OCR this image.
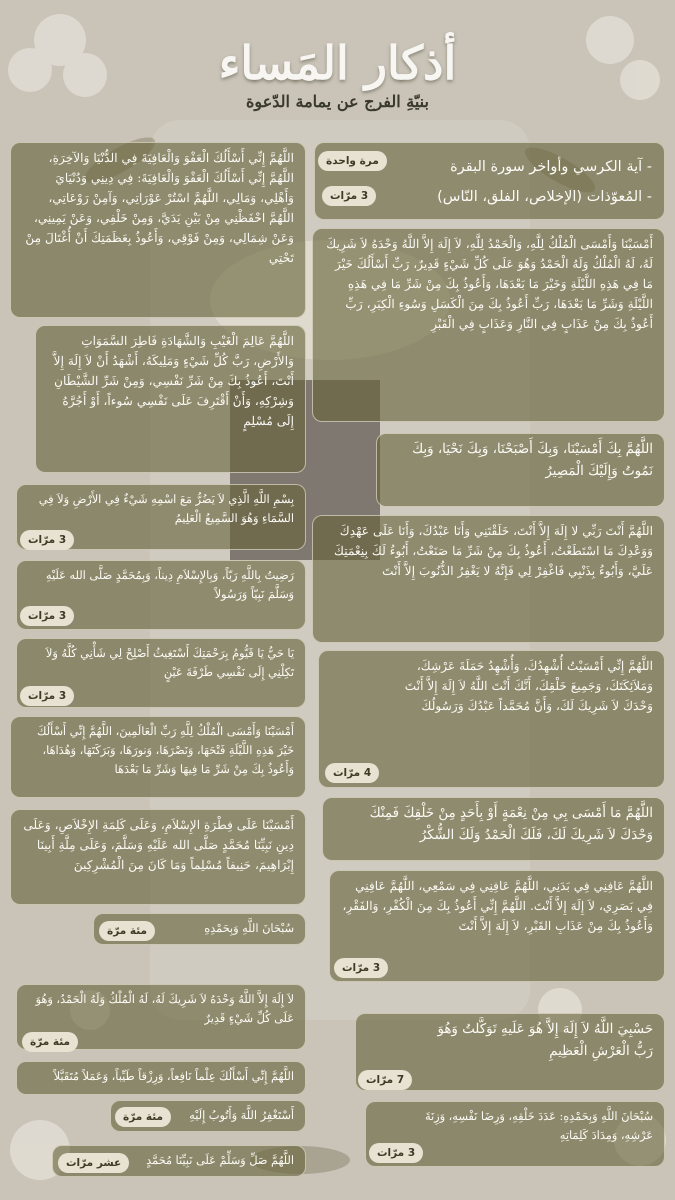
أذكار المَساء
بنيّةِ الفرج عن يمامة الدّعوة
- آية الكرسي وأواخر سورة البقرة
- المُعوّذات (الإخلاص، الفلق، النّاس)
مرة واحدة
3 مرّات
أَمْسَيْنَا وَأَمْسَى الْمُلْكُ لِلَّهِ، وَالْحَمْدُ لِلَّهِ، لاَ إِلَهَ إِلاَّ اللَّهُ وَحْدَهُ لاَ شَرِيكَ لَهُ، لَهُ الْمُلْكُ وَلَهُ الْحَمْدُ وَهُوَ عَلَى كُلِّ شَيْءٍ قَدِيرٌ، رَبِّ أَسْأَلُكَ خَيْرَ مَا فِي هَذِهِ اللَّيْلَةِ وَخَيْرَ مَا بَعْدَهَا، وَأَعُوذُ بِكَ مِنْ شَرِّ مَا فِي هَذِهِ اللَّيْلَةِ وَشَرِّ مَا بَعْدَهَا، رَبِّ أَعُوذُ بِكَ مِنَ الْكَسَلِ وَسُوءِ الْكِبَرِ، رَبِّ أَعُوذُ بِكَ مِنْ عَذَابٍ فِي النَّارِ وَعَذَابٍ فِي الْقَبْرِ
اللَّهُمَّ بِكَ أَمْسَيْنَا، وَبِكَ أَصْبَحْنَا، وَبِكَ نَحْيَا، وَبِكَ نَمُوتُ وَإِلَيْكَ الْمَصِيرُ
اللَّهُمَّ أَنْتَ رَبِّي لا إِلَهَ إِلاَّ أَنْتَ، خَلَقْتَنِي وَأَنَا عَبْدُكَ، وَأَنَا عَلَى عَهْدِكَ وَوَعْدِكَ مَا اسْتَطَعْتُ، أَعُوذُ بِكَ مِنْ شَرِّ مَا صَنَعْتُ، أَبُوءُ لَكَ بِنِعْمَتِكَ عَلَيَّ، وَأَبُوءُ بِذَنْبِي فَاغْفِرْ لِي فَإِنَّهُ لا يَغْفِرُ الذُّنُوبَ إِلاَّ أَنْتَ
اللَّهُمَّ إِنِّي أَمْسَيْتُ أُشْهِدُكَ، وَأُشْهِدُ حَمَلَةَ عَرْشِكَ، وَمَلاَئِكَتَكَ، وَجَمِيعَ خَلْقِكَ، أَنَّكَ أَنْتَ اللَّهُ لاَ إِلَهَ إِلاَّ أَنْتَ وَحْدَكَ لاَ شَرِيكَ لَكَ، وَأَنَّ مُحَمَّداً عَبْدُكَ وَرَسُولُكَ
4 مرّات
اللَّهُمَّ مَا أَمْسَى بِي مِنْ نِعْمَةٍ أَوْ بِأَحَدٍ مِنْ خَلْقِكَ فَمِنْكَ وَحْدَكَ لاَ شَرِيكَ لَكَ، فَلَكَ الْحَمْدُ وَلَكَ الشُّكْرُ
اللَّهُمَّ عَافِنِي فِي بَدَنِي، اللَّهُمَّ عَافِنِي فِي سَمْعِي، اللَّهُمَّ عَافِنِي فِي بَصَرِي، لاَ إِلَهَ إِلاَّ أَنْتَ. اللَّهُمَّ إِنِّي أَعُوذُ بِكَ مِنَ الْكُفْرِ، وَالفَقْرِ، وَأَعُوذُ بِكَ مِنْ عَذَابِ القَبْرِ، لاَ إِلَهَ إِلاَّ أَنْتَ
3 مرّات
حَسْبِيَ اللَّهُ لاَ إِلَهَ إِلاَّ هُوَ عَلَيهِ تَوَكَّلتُ وَهُوَ رَبُّ الْعَرْشِ الْعَظِيمِ
7 مرّات
سُبْحَانَ اللَّهِ وَبِحَمْدِهِ: عَدَدَ خَلْقِهِ، وَرِضَا نَفْسِهِ، وَزِنَةَ عَرْشِهِ، وَمِدَادَ كَلِمَاتِهِ
3 مرّات
اللَّهُمَّ إِنِّي أَسْأَلُكَ الْعَفْوَ وَالْعَافِيَةَ فِي الدُّنْيَا وَالآخِرَةِ، اللَّهُمَّ إِنِّي أَسْأَلُكَ الْعَفْوَ وَالْعَافِيَةَ: فِي دِينِي وَدُنْيَايَ وَأَهْلِي، وَمَالِي، اللَّهُمَّ اسْتُرْ عَوْرَاتِي، وَآمِنْ رَوْعَاتِي، اللَّهُمَّ احْفَظْنِي مِنْ بَيْنِ يَدَيَّ، وَمِنْ خَلْفِي، وَعَنْ يَمِينِي، وَعَنْ شِمَالِي، وَمِنْ فَوْقِي، وَأَعُوذُ بِعَظَمَتِكَ أَنْ أُغْتَالَ مِنْ تَحْتِي
اللَّهُمَّ عَالِمَ الْغَيْبِ وَالشَّهَادَةِ فَاطِرَ السَّمَوَاتِ وَالأَرْضِ، رَبَّ كُلِّ شَيْءٍ وَمَلِيكَهُ، أَشْهَدُ أَنْ لاَ إِلَهَ إِلاَّ أَنْتَ، أَعُوذُ بِكَ مِنْ شَرِّ نَفْسِي، وَمِنْ شَرِّ الشَّيْطَانِ وَشِرْكِهِ، وَأَنْ أَقْتَرِفَ عَلَى نَفْسِي سُوءاً، أَوْ أَجُرَّهُ إِلَى مُسْلِمٍ
بِسْمِ اللَّهِ الَّذِي لاَ يَضُرُّ مَعَ اسْمِهِ شَيْءٌ فِي الأَرْضِ وَلاَ فِي السَّمَاءِ وَهُوَ السَّمِيعُ الْعَلِيمُ
3 مرّات
رَضِيتُ بِاللَّهِ رَبّاً، وَبِالإِسْلاَمِ دِيناً، وَبِمُحَمَّدٍ صَلَّى الله عَلَيْهِ وَسَلَّمَ نَبِيّاً وَرَسُولاً
3 مرّات
يَا حَيُّ يَا قَيُّومُ بِرَحْمَتِكَ أَسْتَغِيثُ أَصْلِحْ لِي شَأْنِي كُلَّهُ وَلاَ تَكِلْنِي إِلَى نَفْسِي طَرْفَةَ عَيْنٍ
3 مرّات
أَمْسَيْنَا وَأَمْسَى الْمُلْكُ لِلَّهِ رَبِّ الْعَالَمِينَ، اللَّهُمَّ إِنِّي أَسْأَلُكَ خَيْرَ هَذِهِ اللَّيْلَةِ فَتْحَهَا، وَنَصْرَهَا، وَنورَهَا، وَبَرَكَتَهَا، وَهُدَاهَا، وَأَعُوذُ بِكَ مِنْ شَرِّ مَا فِيهَا وَشَرِّ مَا بَعْدَهَا
أَمْسَيْنَا عَلَى فِطْرَةِ الإِسْلاَمِ، وَعَلَى كَلِمَةِ الإِخْلاَصِ، وَعَلَى دِينِ نَبِيِّنَا مُحَمَّدٍ صَلَّى الله عَلَيْهِ وَسَلَّمَ، وَعَلَى مِلَّةِ أَبِينَا إِبْرَاهِيمَ، حَنِيفاً مُسْلِماً وَمَا كَانَ مِنَ الْمُشْرِكِينَ
سُبْحَانَ اللَّهِ وَبِحَمْدِهِ
مئة مرّة
لاَ إِلَهَ إِلاَّ اللَّهُ وَحْدَهُ لاَ شَرِيكَ لَهُ، لَهُ الْمُلْكُ وَلَهُ الْحَمْدُ، وَهُوَ عَلَى كُلِّ شَيْءٍ قَدِيرٌ
مئة مرّة
اللَّهُمَّ إِنِّي أَسْأَلُكَ عِلْماً نَافِعاً، وَرِزْقاً طَيِّباً، وَعَمَلاً مُتَقَبَّلاً
أَسْتَغْفِرُ اللَّهَ وَأَتُوبُ إِلَيْهِ
مئة مرّة
اللَّهُمَّ صَلِّ وَسَلِّمْ عَلَى نَبِيِّنَا مُحَمَّدٍ
عشر مرّات
